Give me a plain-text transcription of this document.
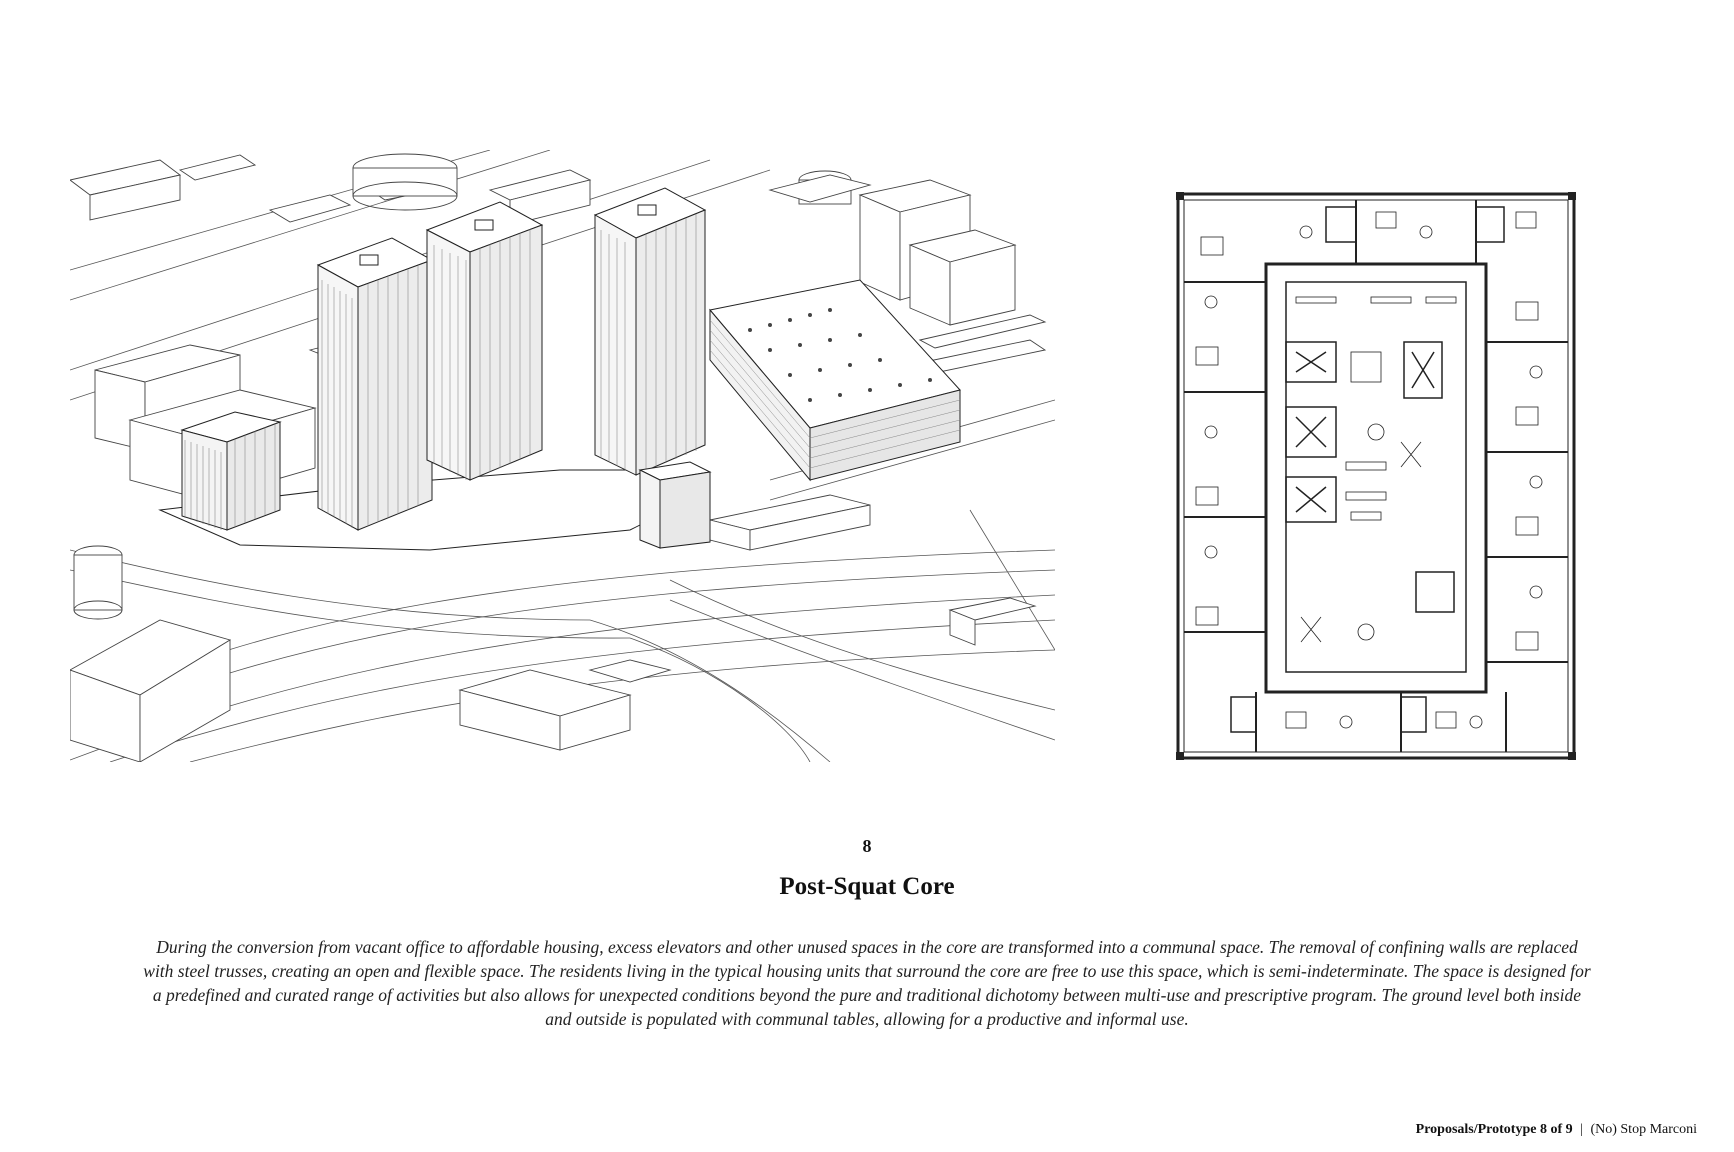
8
Post-Squat Core
During the conversion from vacant office to affordable housing, excess elevators and other unused spaces in the core are transformed into a communal space. The removal of confining walls are replaced with steel trusses, creating an open and flexible space. The residents living in the typical housing units that surround the core are free to use this space, which is semi-indeterminate. The space is designed for a predefined and curated range of activities but also allows for unexpected conditions beyond the pure and traditional dichotomy between multi-use and prescriptive program. The ground level both inside and outside is populated with communal tables, allowing for a productive and informal use.
Proposals/Prototype 8 of 9 | (No) Stop Marconi
